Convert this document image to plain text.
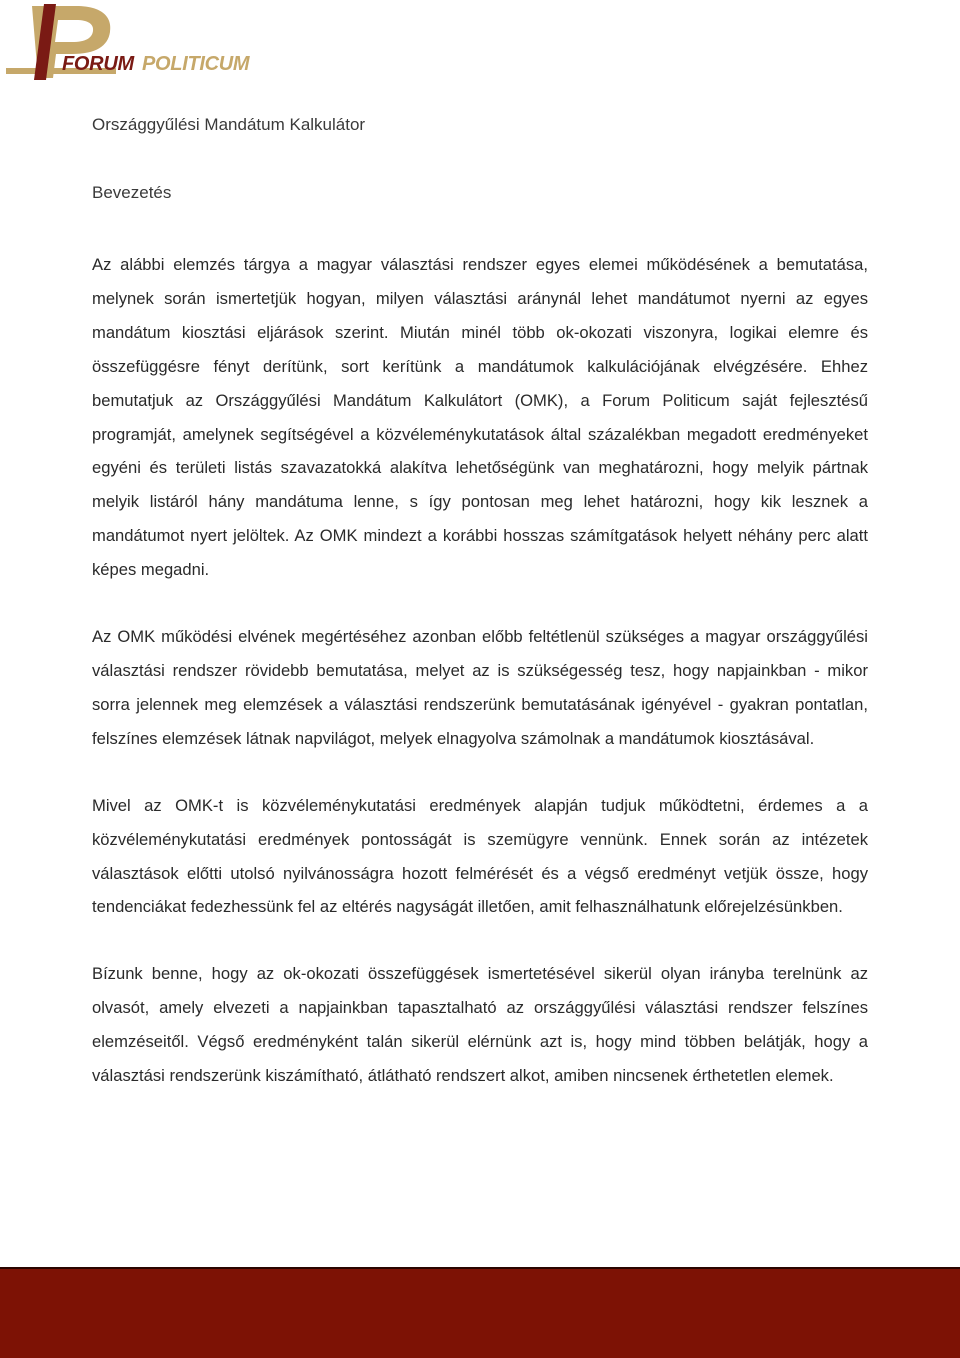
FORUM POLITICUM
Országgyűlési Mandátum Kalkulátor
Bevezetés

Az alábbi elemzés tárgya a magyar választási rendszer egyes elemei működésének a bemutatása, melynek során ismertetjük hogyan, milyen választási aránynál lehet mandátumot nyerni az egyes mandátum kiosztási eljárások szerint. Miután minél több ok-okozati viszonyra, logikai elemre és összefüggésre fényt derítünk, sort kerítünk a mandátumok kalkulációjának elvégzésére. Ehhez bemutatjuk az Országgyűlési Mandátum Kalkulátort (OMK), a Forum Politicum saját fejlesztésű programját, amelynek segítségével a közvéleménykutatások által százalékban megadott eredményeket egyéni és területi listás szavazatokká alakítva lehetőségünk van meghatározni, hogy melyik pártnak melyik listáról hány mandátuma lenne, s így pontosan meg lehet határozni, hogy kik lesznek a mandátumot nyert jelöltek. Az OMK mindezt a korábbi hosszas számítgatások helyett néhány perc alatt képes megadni.

Az OMK működési elvének megértéséhez azonban előbb feltétlenül szükséges a magyar országgyűlési választási rendszer rövidebb bemutatása, melyet az is szükségesség tesz, hogy napjainkban - mikor sorra jelennek meg elemzések a választási rendszerünk bemutatásának igényével - gyakran pontatlan, felszínes elemzések látnak napvilágot, melyek elnagyolva számolnak a mandátumok kiosztásával.

Mivel az OMK-t is közvéleménykutatási eredmények alapján tudjuk működtetni, érdemes a a közvéleménykutatási eredmények pontosságát is szemügyre vennünk. Ennek során az intézetek választások előtti utolsó nyilvánosságra hozott felmérését és a végső eredményt vetjük össze, hogy tendenciákat fedezhessünk fel az eltérés nagyságát illetően, amit felhasználhatunk előrejelzésünkben.

Bízunk benne, hogy az ok-okozati összefüggések ismertetésével sikerül olyan irányba terelnünk az olvasót, amely elvezeti a napjainkban tapasztalható az országgyűlési választási rendszer felszínes elemzéseitől. Végső eredményként talán sikerül elérnünk azt is, hogy mind többen belátják, hogy a választási rendszerünk kiszámítható, átlátható rendszert alkot, amiben nincsenek érthetetlen elemek.
